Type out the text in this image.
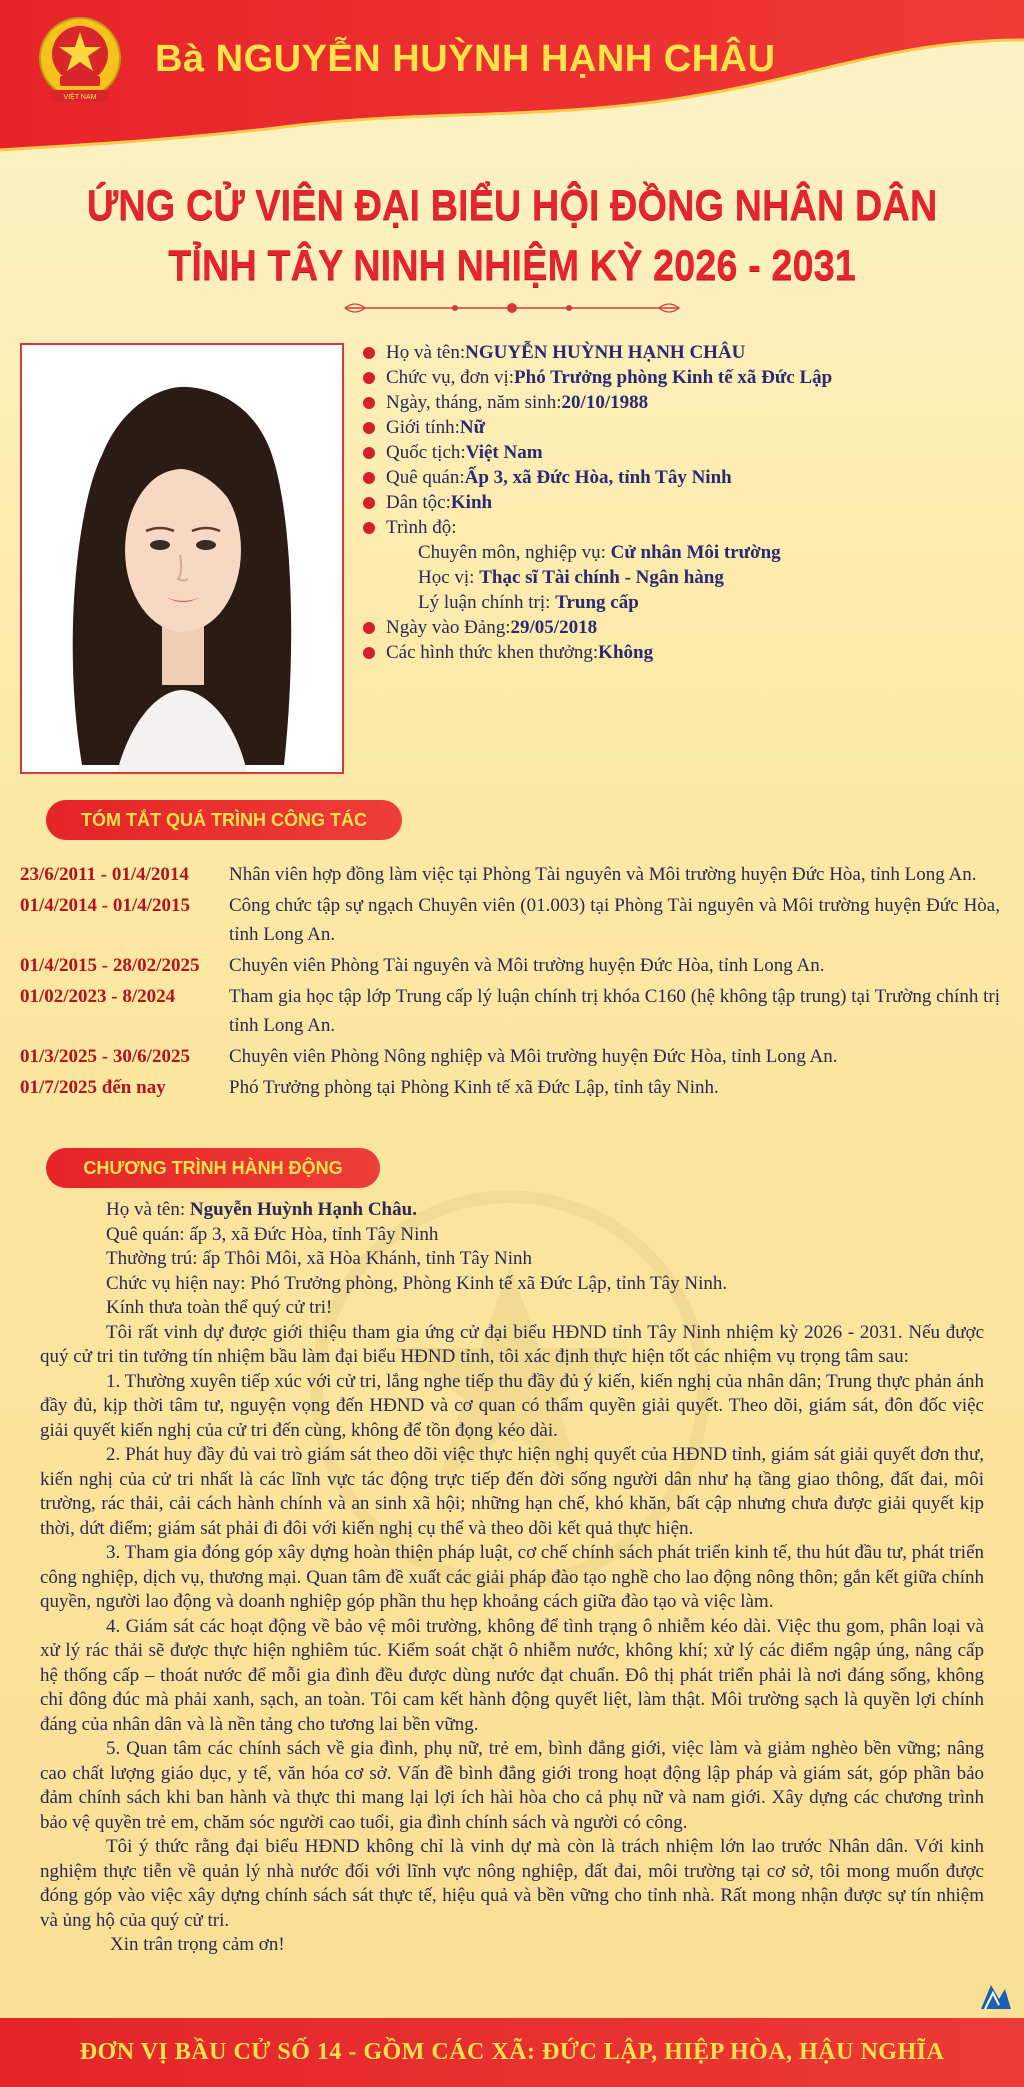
VIỆT NAM
Bà NGUYỄN HUỲNH HẠNH CHÂU
ỨNG CỬ VIÊN ĐẠI BIỂU HỘI ĐỒNG NHÂN DÂN
TỈNH TÂY NINH NHIỆM KỲ 2026 - 2031
Họ và tên: NGUYỄN HUỲNH HẠNH CHÂU
Chức vụ, đơn vị: Phó Trưởng phòng Kinh tế xã Đức Lập
Ngày, tháng, năm sinh: 20/10/1988
Giới tính: Nữ
Quốc tịch: Việt Nam
Quê quán: Ấp 3, xã Đức Hòa, tỉnh Tây Ninh
Dân tộc: Kinh
Trình độ:
Chuyên môn, nghiệp vụ: Cử nhân Môi trường
Học vị: Thạc sĩ Tài chính - Ngân hàng
Lý luận chính trị: Trung cấp
Ngày vào Đảng: 29/05/2018
Các hình thức khen thưởng: Không
TÓM TẮT QUÁ TRÌNH CÔNG TÁC
23/6/2011 - 01/4/2014	Nhân viên hợp đồng làm việc tại Phòng Tài nguyên và Môi trường huyện Đức Hòa, tỉnh Long An.
01/4/2014 - 01/4/2015	Công chức tập sự ngạch Chuyên viên (01.003) tại Phòng Tài nguyên và Môi trường huyện Đức Hòa, tỉnh Long An.
01/4/2015 - 28/02/2025	Chuyên viên Phòng Tài nguyên và Môi trường huyện Đức Hòa, tỉnh Long An.
01/02/2023 - 8/2024	Tham gia học tập lớp Trung cấp lý luận chính trị khóa C160 (hệ không tập trung) tại Trường chính trị tỉnh Long An.
01/3/2025 - 30/6/2025	Chuyên viên Phòng Nông nghiệp và Môi trường huyện Đức Hòa, tỉnh Long An.
01/7/2025 đến nay	Phó Trưởng phòng tại Phòng Kinh tế xã Đức Lập, tỉnh tây Ninh.
CHƯƠNG TRÌNH HÀNH ĐỘNG

Họ và tên: Nguyễn Huỳnh Hạnh Châu.

Quê quán: ấp 3, xã Đức Hòa, tỉnh Tây Ninh

Thường trú: ấp Thôi Môi, xã Hòa Khánh, tỉnh Tây Ninh

Chức vụ hiện nay: Phó Trưởng phòng, Phòng Kinh tế xã Đức Lập, tỉnh Tây Ninh.

Kính thưa toàn thể quý cử tri!

Tôi rất vinh dự được giới thiệu tham gia ứng cử đại biểu HĐND tỉnh Tây Ninh nhiệm kỳ 2026 - 2031. Nếu được quý cử tri tin tưởng tín nhiệm bầu làm đại biểu HĐND tỉnh, tôi xác định thực hiện tốt các nhiệm vụ trọng tâm sau:

1. Thường xuyên tiếp xúc với cử tri, lắng nghe tiếp thu đầy đủ ý kiến, kiến nghị của nhân dân; Trung thực phản ánh đầy đủ, kịp thời tâm tư, nguyện vọng đến HĐND và cơ quan có thẩm quyền giải quyết. Theo dõi, giám sát, đôn đốc việc giải quyết kiến nghị của cử tri đến cùng, không để tồn đọng kéo dài.

2. Phát huy đầy đủ vai trò giám sát theo dõi việc thực hiện nghị quyết của HĐND tỉnh, giám sát giải quyết đơn thư, kiến nghị của cử tri nhất là các lĩnh vực tác động trực tiếp đến đời sống người dân như hạ tầng giao thông, đất đai, môi trường, rác thải, cải cách hành chính và an sinh xã hội; những hạn chế, khó khăn, bất cập nhưng chưa được giải quyết kịp thời, dứt điểm; giám sát phải đi đôi với kiến nghị cụ thể và theo dõi kết quả thực hiện.

3. Tham gia đóng góp xây dựng hoàn thiện pháp luật, cơ chế chính sách phát triển kinh tế, thu hút đầu tư, phát triển công nghiệp, dịch vụ, thương mại. Quan tâm đề xuất các giải pháp đào tạo nghề cho lao động nông thôn; gắn kết giữa chính quyền, người lao động và doanh nghiệp góp phần thu hẹp khoảng cách giữa đào tạo và việc làm.

4. Giám sát các hoạt động về bảo vệ môi trường, không để tình trạng ô nhiễm kéo dài. Việc thu gom, phân loại và xử lý rác thải sẽ được thực hiện nghiêm túc. Kiểm soát chặt ô nhiễm nước, không khí; xử lý các điểm ngập úng, nâng cấp hệ thống cấp – thoát nước để mỗi gia đình đều được dùng nước đạt chuẩn. Đô thị phát triển phải là nơi đáng sống, không chỉ đông đúc mà phải xanh, sạch, an toàn. Tôi cam kết hành động quyết liệt, làm thật. Môi trường sạch là quyền lợi chính đáng của nhân dân và là nền tảng cho tương lai bền vững.

5. Quan tâm các chính sách về gia đình, phụ nữ, trẻ em, bình đẳng giới, việc làm và giảm nghèo bền vững; nâng cao chất lượng giáo dục, y tế, văn hóa cơ sở. Vấn đề bình đẳng giới trong hoạt động lập pháp và giám sát, góp phần bảo đảm chính sách khi ban hành và thực thi mang lại lợi ích hài hòa cho cả phụ nữ và nam giới. Xây dựng các chương trình bảo vệ quyền trẻ em, chăm sóc người cao tuổi, gia đình chính sách và người có công.

Tôi ý thức rằng đại biểu HĐND không chỉ là vinh dự mà còn là trách nhiệm lớn lao trước Nhân dân. Với kinh nghiệm thực tiễn về quản lý nhà nước đối với lĩnh vực nông nghiệp, đất đai, môi trường tại cơ sở, tôi mong muốn được đóng góp vào việc xây dựng chính sách sát thực tế, hiệu quả và bền vững cho tỉnh nhà. Rất mong nhận được sự tín nhiệm và ủng hộ của quý cử tri.

Xin trân trọng cảm ơn!

ĐƠN VỊ BẦU CỬ SỐ 14 - GỒM CÁC XÃ: ĐỨC LẬP, HIỆP HÒA, HẬU NGHĨA
